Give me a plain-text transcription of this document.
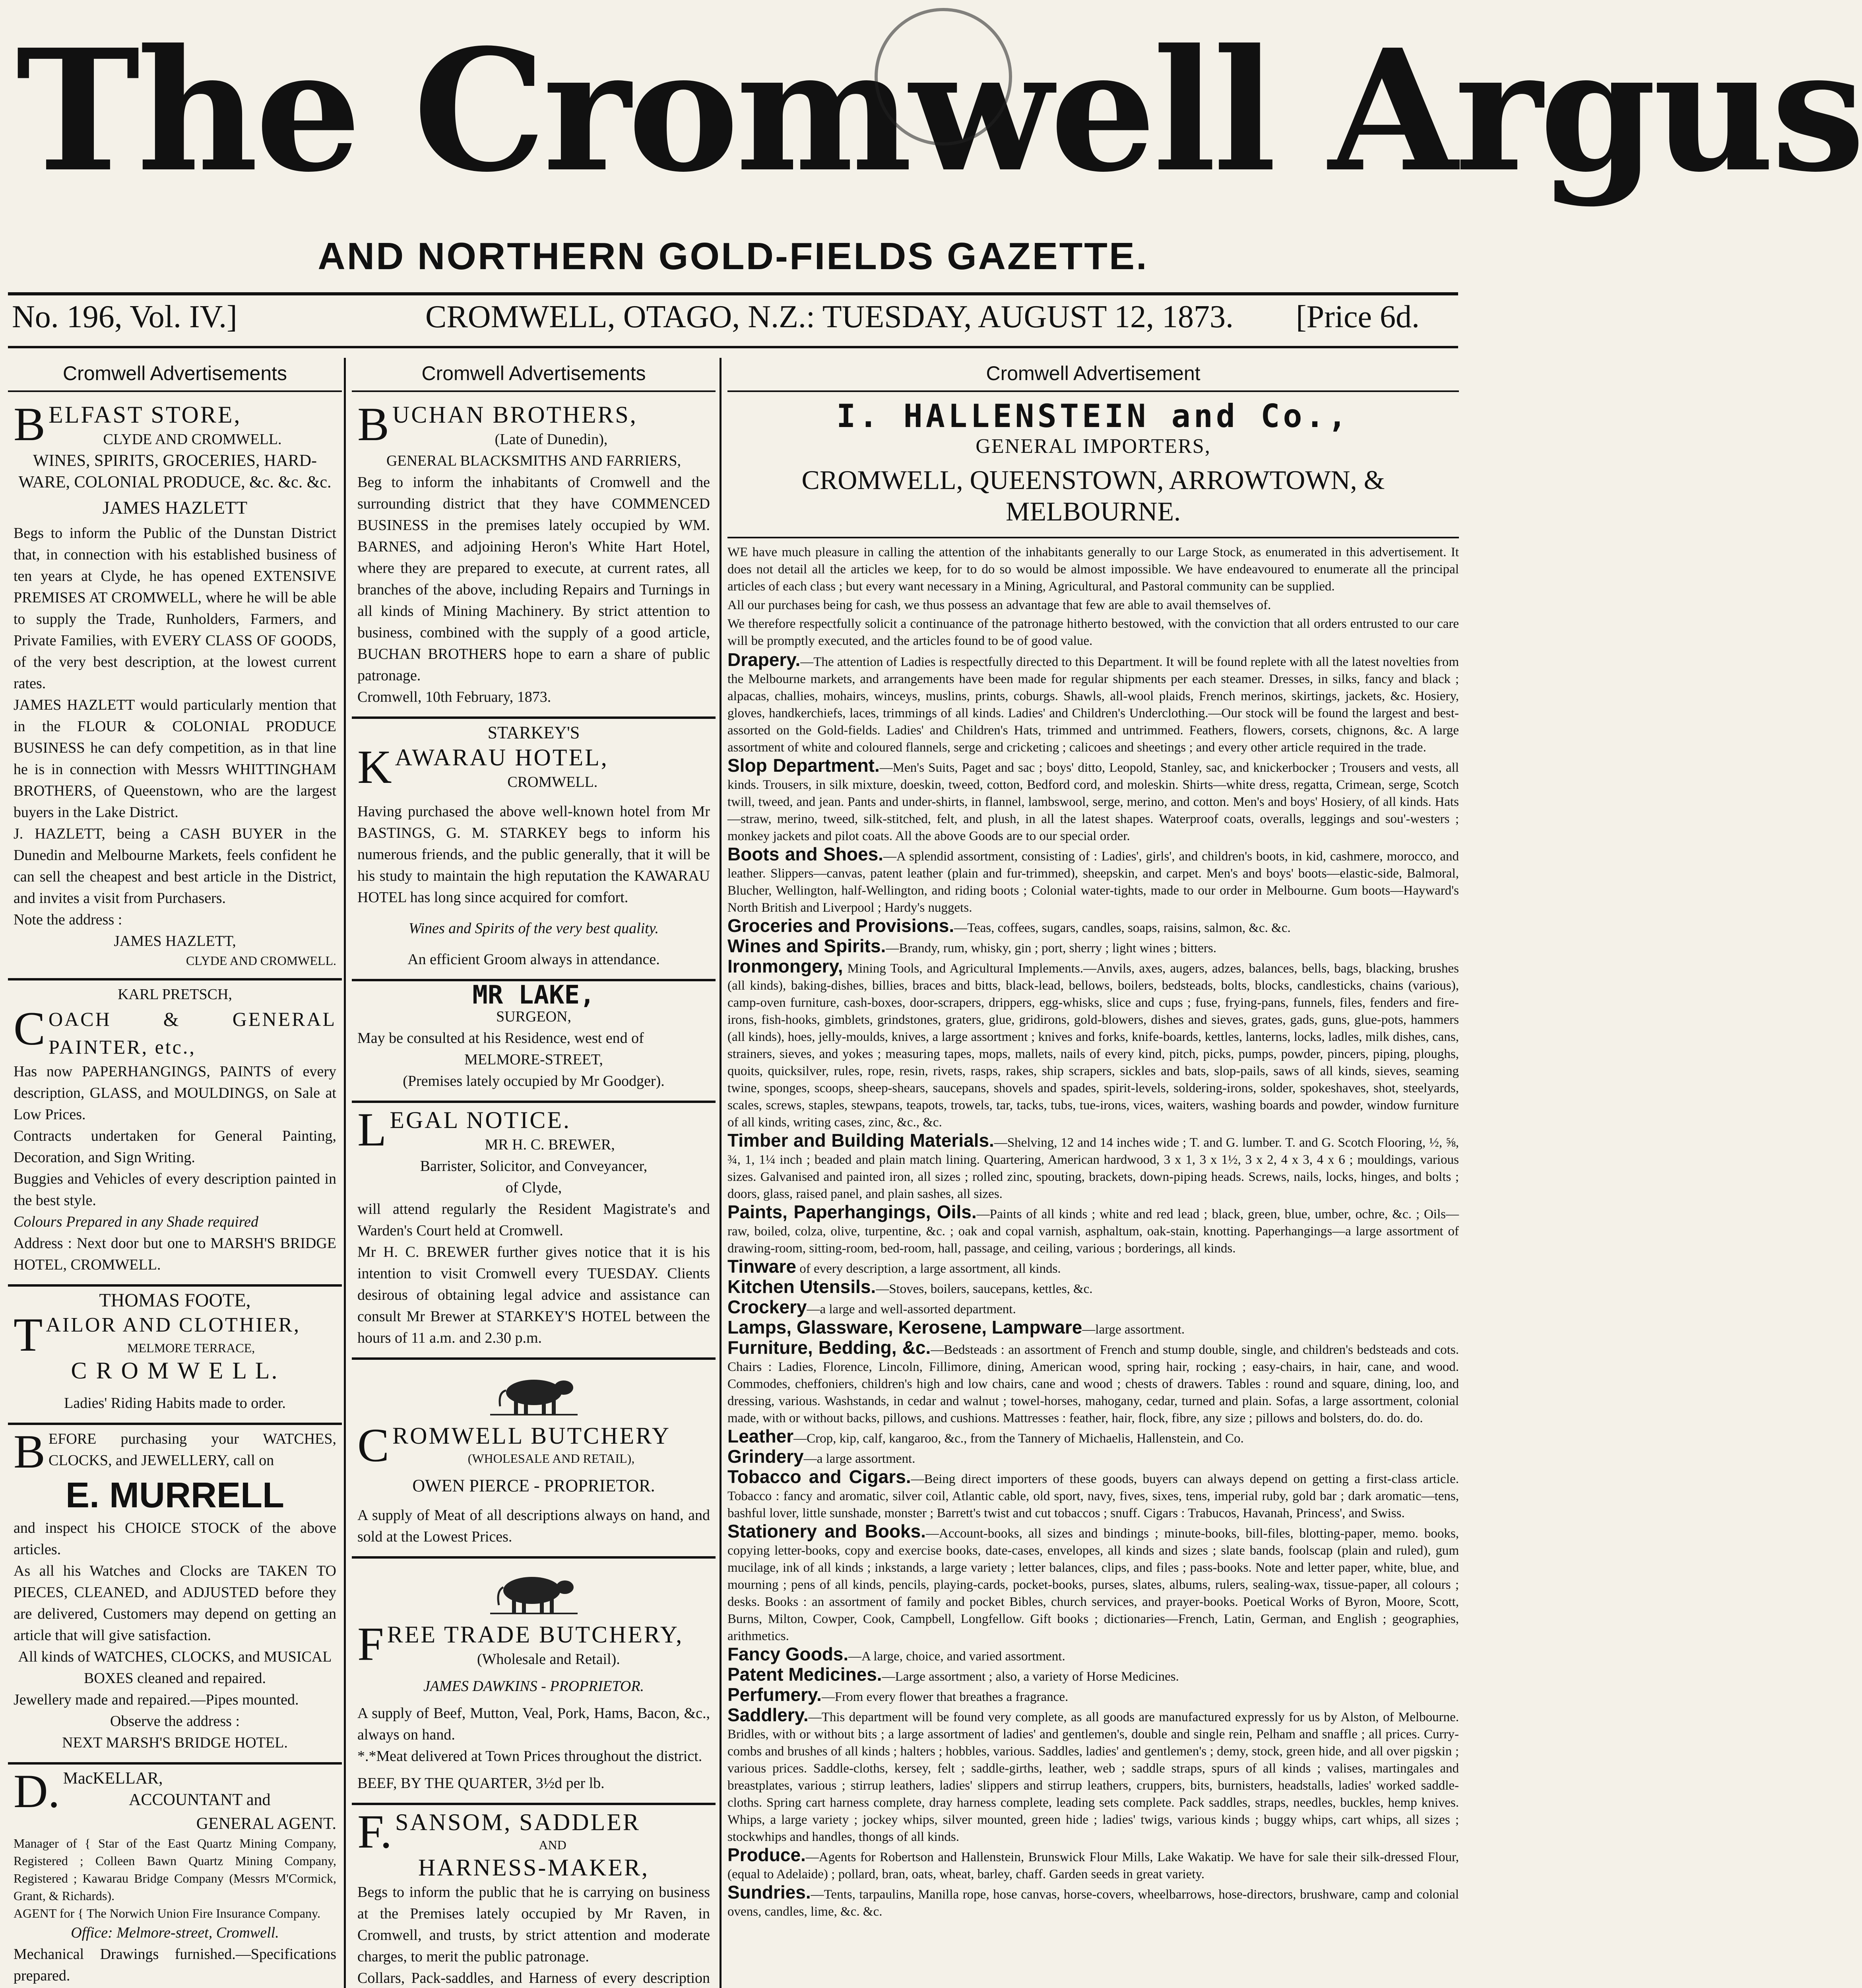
The Cromwell Argus
AND NORTHERN GOLD-FIELDS GAZETTE.
No. 196, Vol. IV.]	CROMWELL, OTAGO, N.Z.: TUESDAY, AUGUST 12, 1873. [Price 6d.
Cromwell Advertisements
B ELFAST STORE,

CLYDE AND CROMWELL.

WINES, SPIRITS, GROCERIES, HARD-WARE, COLONIAL PRODUCE, &c. &c. &c.

JAMES HAZLETT

Begs to inform the Public of the Dunstan District that, in connection with his established business of ten years at Clyde, he has opened EXTENSIVE PREMISES AT CROMWELL, where he will be able to supply the Trade, Runholders, Farmers, and Private Families, with EVERY CLASS OF GOODS, of the very best description, at the lowest current rates.

JAMES HAZLETT would particularly mention that in the FLOUR & COLONIAL PRODUCE BUSINESS he can defy competition, as in that line he is in connection with Messrs WHITTINGHAM BROTHERS, of Queenstown, who are the largest buyers in the Lake District.

J. HAZLETT, being a CASH BUYER in the Dunedin and Melbourne Markets, feels confident he can sell the cheapest and best article in the District, and invites a visit from Purchasers.

Note the address :

JAMES HAZLETT,

CLYDE AND CROMWELL.

KARL PRETSCH,

C OACH & GENERAL PAINTER, etc.,

Has now PAPERHANGINGS, PAINTS of every description, GLASS, and MOULDINGS, on Sale at Low Prices.

Contracts undertaken for General Painting, Decoration, and Sign Writing.

Buggies and Vehicles of every description painted in the best style.

Colours Prepared in any Shade required

Address : Next door but one to MARSH'S BRIDGE HOTEL, CROMWELL.

THOMAS FOOTE,

T AILOR AND CLOTHIER,

MELMORE TERRACE,

C R O M W E L L.

Ladies' Riding Habits made to order.

B EFORE purchasing your WATCHES, CLOCKS, and JEWELLERY, call on

E. MURRELL

and inspect his CHOICE STOCK of the above articles.

As all his Watches and Clocks are TAKEN TO PIECES, CLEANED, and ADJUSTED before they are delivered, Customers may depend on getting an article that will give satisfaction.

All kinds of WATCHES, CLOCKS, and MUSICAL BOXES cleaned and repaired.

Jewellery made and repaired.—Pipes mounted.

Observe the address :

NEXT MARSH'S BRIDGE HOTEL.

D. MacKELLAR,

ACCOUNTANT and

GENERAL AGENT.

Manager of { Star of the East Quartz Mining Company, Registered ; Colleen Bawn Quartz Mining Company, Registered ; Kawarau Bridge Company (Messrs M'Cormick, Grant, & Richards).

AGENT for { The Norwich Union Fire Insurance Company.

Office: Melmore-street, Cromwell.

Mechanical Drawings furnished.—Specifications prepared.

Cromwell Advertisements
B UCHAN BROTHERS,

(Late of Dunedin),

GENERAL BLACKSMITHS AND FARRIERS,

Beg to inform the inhabitants of Cromwell and the surrounding district that they have COMMENCED BUSINESS in the premises lately occupied by WM. BARNES, and adjoining Heron's White Hart Hotel, where they are prepared to execute, at current rates, all branches of the above, including Repairs and Turnings in all kinds of Mining Machinery. By strict attention to business, combined with the supply of a good article, BUCHAN BROTHERS hope to earn a share of public patronage.

Cromwell, 10th February, 1873.

STARKEY'S

K AWARAU HOTEL,

CROMWELL.

Having purchased the above well-known hotel from Mr BASTINGS, G. M. STARKEY begs to inform his numerous friends, and the public generally, that it will be his study to maintain the high reputation the KAWARAU HOTEL has long since acquired for comfort.

Wines and Spirits of the very best quality.

An efficient Groom always in attendance.

MR LAKE,

SURGEON,

May be consulted at his Residence, west end of

MELMORE-STREET,

(Premises lately occupied by Mr Goodger).

L EGAL NOTICE.

MR H. C. BREWER,

Barrister, Solicitor, and Conveyancer,

of Clyde,

will attend regularly the Resident Magistrate's and Warden's Court held at Cromwell.

Mr H. C. BREWER further gives notice that it is his intention to visit Cromwell every TUESDAY. Clients desirous of obtaining legal advice and assistance can consult Mr Brewer at STARKEY'S HOTEL between the hours of 11 a.m. and 2.30 p.m.

C ROMWELL BUTCHERY

(WHOLESALE AND RETAIL),

OWEN PIERCE - PROPRIETOR.

A supply of Meat of all descriptions always on hand, and sold at the Lowest Prices.

F REE TRADE BUTCHERY,

(Wholesale and Retail).

JAMES DAWKINS - PROPRIETOR.

A supply of Beef, Mutton, Veal, Pork, Hams, Bacon, &c., always on hand.

*.*Meat delivered at Town Prices throughout the district.

BEEF, BY THE QUARTER, 3½d per lb.

F. SANSOM, SADDLER

AND

HARNESS-MAKER,

Begs to inform the public that he is carrying on business at the Premises lately occupied by Mr Raven, in Cromwell, and trusts, by strict attention and moderate charges, to merit the public patronage.

Collars, Pack-saddles, and Harness of every description

Cromwell Advertisement
I. HALLENSTEIN and Co.,
GENERAL IMPORTERS,
CROMWELL, QUEENSTOWN, ARROWTOWN, & MELBOURNE.

WE have much pleasure in calling the attention of the inhabitants generally to our Large Stock, as enumerated in this advertisement. It does not detail all the articles we keep, for to do so would be almost impossible. We have endeavoured to enumerate all the principal articles of each class ; but every want necessary in a Mining, Agricultural, and Pastoral community can be supplied.

All our purchases being for cash, we thus possess an advantage that few are able to avail themselves of.

We therefore respectfully solicit a continuance of the patronage hitherto bestowed, with the conviction that all orders entrusted to our care will be promptly executed, and the articles found to be of good value.

Drapery.—The attention of Ladies is respectfully directed to this Department. It will be found replete with all the latest novelties from the Melbourne markets, and arrangements have been made for regular shipments per each steamer. Dresses, in silks, fancy and black ; alpacas, challies, mohairs, winceys, muslins, prints, coburgs. Shawls, all-wool plaids, French merinos, skirtings, jackets, &c. Hosiery, gloves, handkerchiefs, laces, trimmings of all kinds. Ladies' and Children's Underclothing.—Our stock will be found the largest and best-assorted on the Gold-fields. Ladies' and Children's Hats, trimmed and untrimmed. Feathers, flowers, corsets, chignons, &c. A large assortment of white and coloured flannels, serge and cricketing ; calicoes and sheetings ; and every other article required in the trade.

Slop Department.—Men's Suits, Paget and sac ; boys' ditto, Leopold, Stanley, sac, and knickerbocker ; Trousers and vests, all kinds. Trousers, in silk mixture, doeskin, tweed, cotton, Bedford cord, and moleskin. Shirts—white dress, regatta, Crimean, serge, Scotch twill, tweed, and jean. Pants and under-shirts, in flannel, lambswool, serge, merino, and cotton. Men's and boys' Hosiery, of all kinds. Hats—straw, merino, tweed, silk-stitched, felt, and plush, in all the latest shapes. Waterproof coats, overalls, leggings and sou'-westers ; monkey jackets and pilot coats. All the above Goods are to our special order.

Boots and Shoes.—A splendid assortment, consisting of : Ladies', girls', and children's boots, in kid, cashmere, morocco, and leather. Slippers—canvas, patent leather (plain and fur-trimmed), sheepskin, and carpet. Men's and boys' boots—elastic-side, Balmoral, Blucher, Wellington, half-Wellington, and riding boots ; Colonial water-tights, made to our order in Melbourne. Gum boots—Hayward's North British and Liverpool ; Hardy's nuggets.

Groceries and Provisions.—Teas, coffees, sugars, candles, soaps, raisins, salmon, &c. &c.

Wines and Spirits.—Brandy, rum, whisky, gin ; port, sherry ; light wines ; bitters.

Ironmongery, Mining Tools, and Agricultural Implements.—Anvils, axes, augers, adzes, balances, bells, bags, blacking, brushes (all kinds), baking-dishes, billies, braces and bitts, black-lead, bellows, boilers, bedsteads, bolts, blocks, candlesticks, chains (various), camp-oven furniture, cash-boxes, door-scrapers, drippers, egg-whisks, slice and cups ; fuse, frying-pans, funnels, files, fenders and fire-irons, fish-hooks, gimblets, grindstones, graters, glue, gridirons, gold-blowers, dishes and sieves, grates, gads, guns, glue-pots, hammers (all kinds), hoes, jelly-moulds, knives, a large assortment ; knives and forks, knife-boards, kettles, lanterns, locks, ladles, milk dishes, cans, strainers, sieves, and yokes ; measuring tapes, mops, mallets, nails of every kind, pitch, picks, pumps, powder, pincers, piping, ploughs, quoits, quicksilver, rules, rope, resin, rivets, rasps, rakes, ship scrapers, sickles and bats, slop-pails, saws of all kinds, sieves, seaming twine, sponges, scoops, sheep-shears, saucepans, shovels and spades, spirit-levels, soldering-irons, solder, spokeshaves, shot, steelyards, scales, screws, staples, stewpans, teapots, trowels, tar, tacks, tubs, tue-irons, vices, waiters, washing boards and powder, window furniture of all kinds, writing cases, zinc, &c., &c.

Timber and Building Materials.—Shelving, 12 and 14 inches wide ; T. and G. lumber. T. and G. Scotch Flooring, ½, ⅝, ¾, 1, 1¼ inch ; beaded and plain match lining. Quartering, American hardwood, 3 x 1, 3 x 1½, 3 x 2, 4 x 3, 4 x 6 ; mouldings, various sizes. Galvanised and painted iron, all sizes ; rolled zinc, spouting, brackets, down-piping heads. Screws, nails, locks, hinges, and bolts ; doors, glass, raised panel, and plain sashes, all sizes.

Paints, Paperhangings, Oils.—Paints of all kinds ; white and red lead ; black, green, blue, umber, ochre, &c. ; Oils—raw, boiled, colza, olive, turpentine, &c. ; oak and copal varnish, asphaltum, oak-stain, knotting. Paperhangings—a large assortment of drawing-room, sitting-room, bed-room, hall, passage, and ceiling, various ; borderings, all kinds.

Tinware of every description, a large assortment, all kinds.

Kitchen Utensils.—Stoves, boilers, saucepans, kettles, &c.

Crockery—a large and well-assorted department.

Lamps, Glassware, Kerosene, Lampware—large assortment.

Furniture, Bedding, &c.—Bedsteads : an assortment of French and stump double, single, and children's bedsteads and cots. Chairs : Ladies, Florence, Lincoln, Fillimore, dining, American wood, spring hair, rocking ; easy-chairs, in hair, cane, and wood. Commodes, cheffoniers, children's high and low chairs, cane and wood ; chests of drawers. Tables : round and square, dining, loo, and dressing, various. Washstands, in cedar and walnut ; towel-horses, mahogany, cedar, turned and plain. Sofas, a large assortment, colonial made, with or without backs, pillows, and cushions. Mattresses : feather, hair, flock, fibre, any size ; pillows and bolsters, do. do. do.

Leather—Crop, kip, calf, kangaroo, &c., from the Tannery of Michaelis, Hallenstein, and Co.

Grindery—a large assortment.

Tobacco and Cigars.—Being direct importers of these goods, buyers can always depend on getting a first-class article. Tobacco : fancy and aromatic, silver coil, Atlantic cable, old sport, navy, fives, sixes, tens, imperial ruby, gold bar ; dark aromatic—tens, bashful lover, little sunshade, monster ; Barrett's twist and cut tobaccos ; snuff. Cigars : Trabucos, Havanah, Princess', and Swiss.

Stationery and Books.—Account-books, all sizes and bindings ; minute-books, bill-files, blotting-paper, memo. books, copying letter-books, copy and exercise books, date-cases, envelopes, all kinds and sizes ; slate bands, foolscap (plain and ruled), gum mucilage, ink of all kinds ; inkstands, a large variety ; letter balances, clips, and files ; pass-books. Note and letter paper, white, blue, and mourning ; pens of all kinds, pencils, playing-cards, pocket-books, purses, slates, albums, rulers, sealing-wax, tissue-paper, all colours ; desks. Books : an assortment of family and pocket Bibles, church services, and prayer-books. Poetical Works of Byron, Moore, Scott, Burns, Milton, Cowper, Cook, Campbell, Longfellow. Gift books ; dictionaries—French, Latin, German, and English ; geographies, arithmetics.

Fancy Goods.—A large, choice, and varied assortment.

Patent Medicines.—Large assortment ; also, a variety of Horse Medicines.

Perfumery.—From every flower that breathes a fragrance.

Saddlery.—This department will be found very complete, as all goods are manufactured expressly for us by Alston, of Melbourne. Bridles, with or without bits ; a large assortment of ladies' and gentlemen's, double and single rein, Pelham and snaffle ; all prices. Curry-combs and brushes of all kinds ; halters ; hobbles, various. Saddles, ladies' and gentlemen's ; demy, stock, green hide, and all over pigskin ; various prices. Saddle-cloths, kersey, felt ; saddle-girths, leather, web ; saddle straps, spurs of all kinds ; valises, martingales and breastplates, various ; stirrup leathers, ladies' slippers and stirrup leathers, cruppers, bits, burnisters, headstalls, ladies' worked saddle-cloths. Spring cart harness complete, dray harness complete, leading sets complete. Pack saddles, straps, needles, buckles, hemp knives. Whips, a large variety ; jockey whips, silver mounted, green hide ; ladies' twigs, various kinds ; buggy whips, cart whips, all sizes ; stockwhips and handles, thongs of all kinds.

Produce.—Agents for Robertson and Hallenstein, Brunswick Flour Mills, Lake Wakatip. We have for sale their silk-dressed Flour, (equal to Adelaide) ; pollard, bran, oats, wheat, barley, chaff. Garden seeds in great variety.

Sundries.—Tents, tarpaulins, Manilla rope, hose canvas, horse-covers, wheelbarrows, hose-directors, brushware, camp and colonial ovens, candles, lime, &c. &c.
